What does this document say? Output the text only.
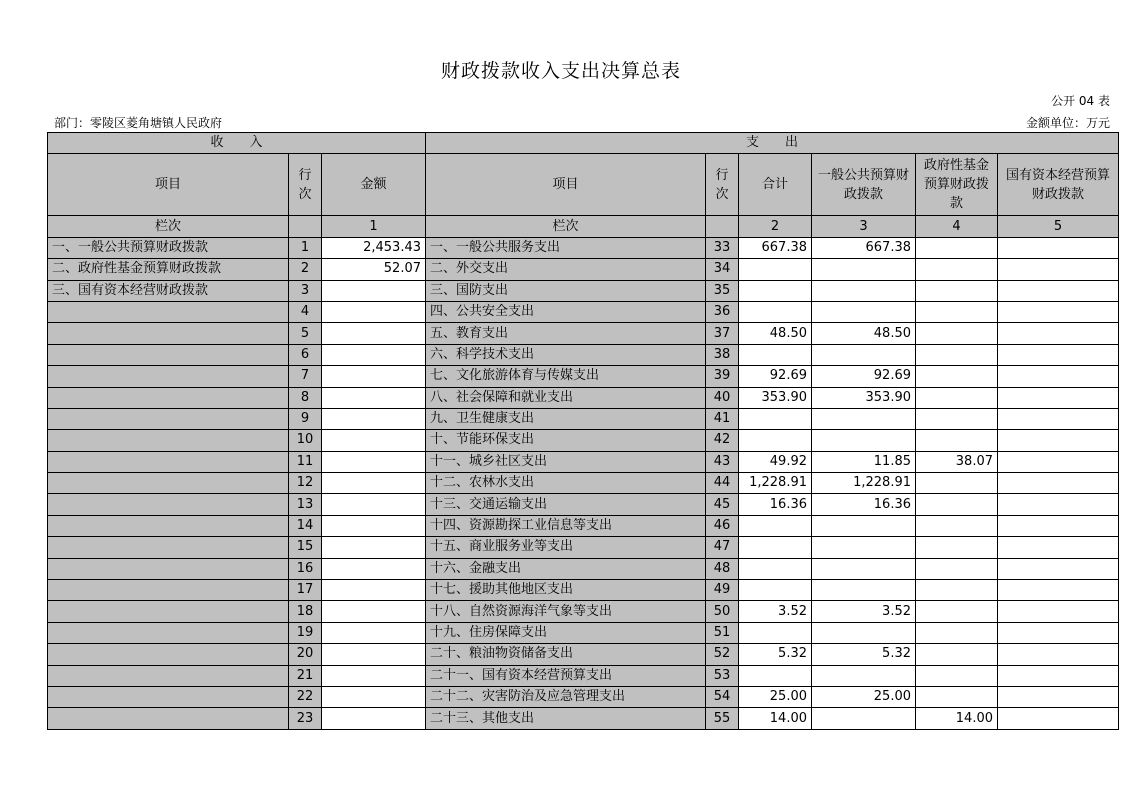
财政拨款收入支出决算总表
公开 04 表
部门：零陵区菱角塘镇人民政府	金额单位：万元
收　　入			支　　出					
项目	行次	金额	项目	行次	合计	一般公共预算财政拨款	政府性基金预算财政拨款	国有资本经营预算财政拨款
栏次		1	栏次		2	3	4	5
一、一般公共预算财政拨款	1	2,453.43	一、一般公共服务支出	33	667.38	667.38		
二、政府性基金预算财政拨款	2	52.07	二、外交支出	34				
三、国有资本经营财政拨款	3		三、国防支出	35				
	4		四、公共安全支出	36				
	5		五、教育支出	37	48.50	48.50		
	6		六、科学技术支出	38				
	7		七、文化旅游体育与传媒支出	39	92.69	92.69		
	8		八、社会保障和就业支出	40	353.90	353.90		
	9		九、卫生健康支出	41				
	10		十、节能环保支出	42				
	11		十一、城乡社区支出	43	49.92	11.85	38.07	
	12		十二、农林水支出	44	1,228.91	1,228.91		
	13		十三、交通运输支出	45	16.36	16.36		
	14		十四、资源勘探工业信息等支出	46				
	15		十五、商业服务业等支出	47				
	16		十六、金融支出	48				
	17		十七、援助其他地区支出	49				
	18		十八、自然资源海洋气象等支出	50	3.52	3.52		
	19		十九、住房保障支出	51				
	20		二十、粮油物资储备支出	52	5.32	5.32		
	21		二十一、国有资本经营预算支出	53				
	22		二十二、灾害防治及应急管理支出	54	25.00	25.00		
	23		二十三、其他支出	55	14.00		14.00	
